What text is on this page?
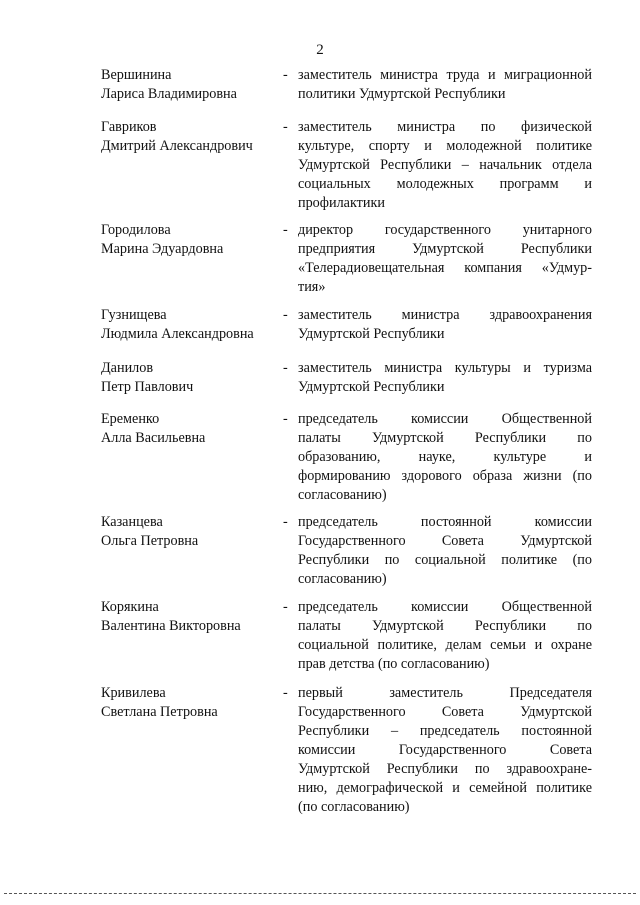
2
Вершинина
Лариса Владимировна
- заместитель министра труда и миграционной
политики Удмуртской Республики
Гавриков
Дмитрий Александрович
- заместитель министра по физической
культуре, спорту и молодежной политике
Удмуртской Республики – начальник отдела
социальных молодежных программ и
профилактики
Городилова
Марина Эдуардовна
- директор государственного унитарного
предприятия Удмуртской Республики
«Телерадиовещательная компания «Удмур-
тия»
Гузнищева
Людмила Александровна
- заместитель министра здравоохранения
Удмуртской Республики
Данилов
Петр Павлович
- заместитель министра культуры и туризма
Удмуртской Республики
Еременко
Алла Васильевна
- председатель комиссии Общественной
палаты Удмуртской Республики по
образованию, науке, культуре и
формированию здорового образа жизни (по
согласованию)
Казанцева
Ольга Петровна
- председатель постоянной комиссии
Государственного Совета Удмуртской
Республики по социальной политике (по
согласованию)
Корякина
Валентина Викторовна
- председатель комиссии Общественной
палаты Удмуртской Республики по
социальной политике, делам семьи и охране
прав детства (по согласованию)
Кривилева
Светлана Петровна
- первый заместитель Председателя
Государственного Совета Удмуртской
Республики – председатель постоянной
комиссии Государственного Совета
Удмуртской Республики по здравоохране-
нию, демографической и семейной политике
(по согласованию)
